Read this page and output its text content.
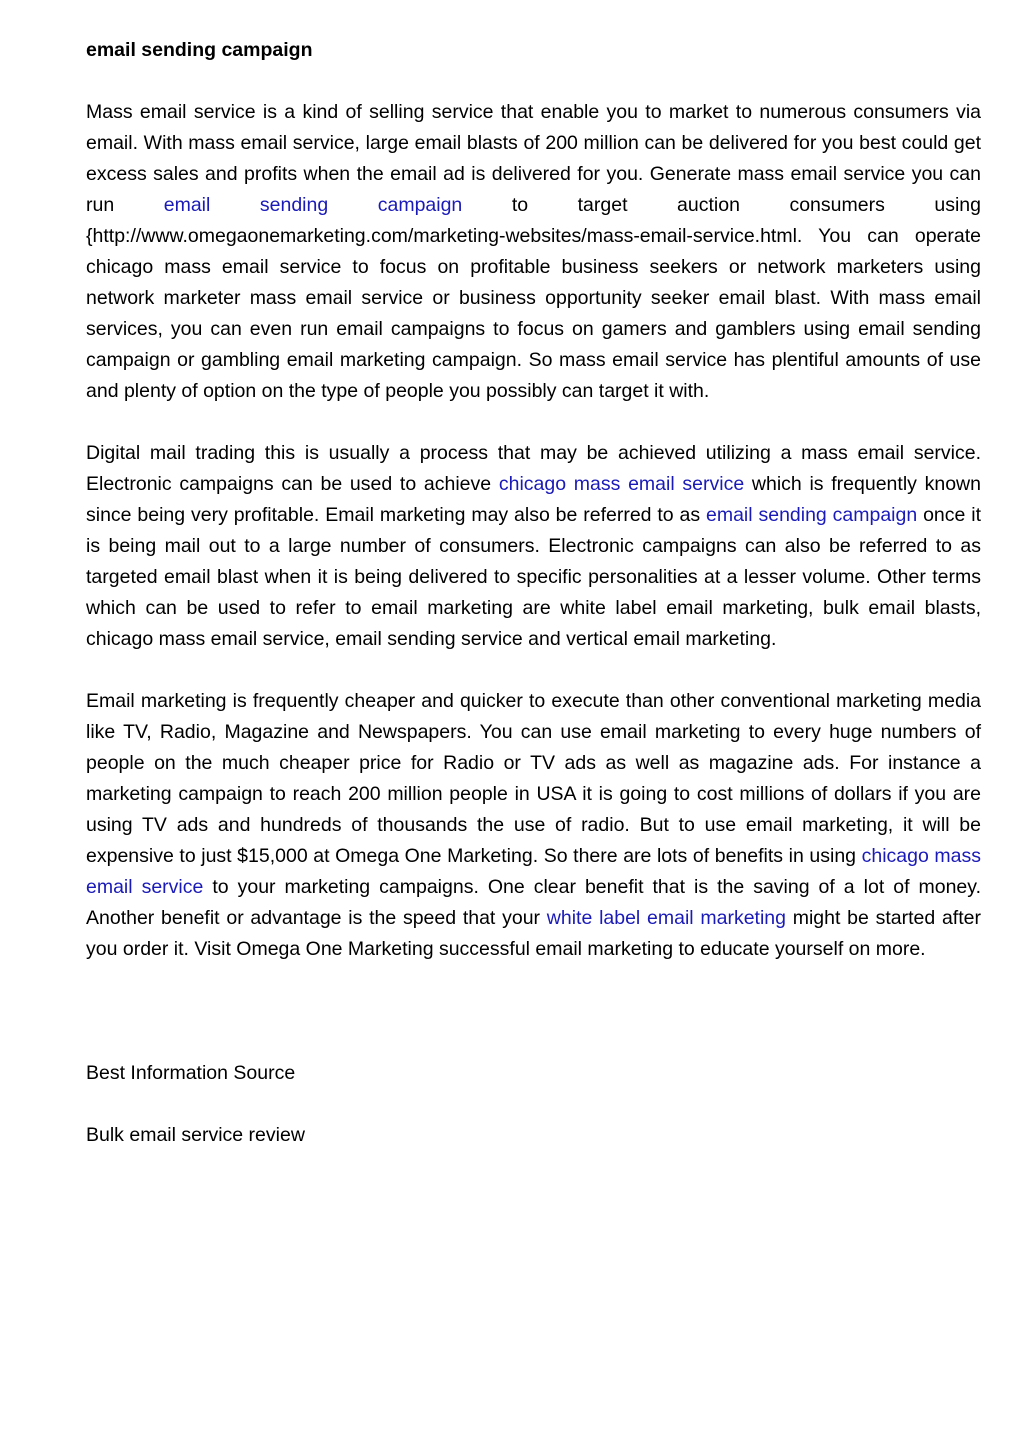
email sending campaign
Mass email service is a kind of selling service that enable you to market to numerous consumers via email. With mass email service, large email blasts of 200 million can be delivered for you best could get excess sales and profits when the email ad is delivered for you. Generate mass email service you can run email sending campaign to target auction consumers using {http://www.omegaonemarketing.com/marketing-websites/mass-email-service.html. You can operate chicago mass email service to focus on profitable business seekers or network marketers using network marketer mass email service or business opportunity seeker email blast. With mass email services, you can even run email campaigns to focus on gamers and gamblers using email sending campaign or gambling email marketing campaign. So mass email service has plentiful amounts of use and plenty of option on the type of people you possibly can target it with.
Digital mail trading this is usually a process that may be achieved utilizing a mass email service. Electronic campaigns can be used to achieve chicago mass email service which is frequently known since being very profitable. Email marketing may also be referred to as email sending campaign once it is being mail out to a large number of consumers. Electronic campaigns can also be referred to as targeted email blast when it is being delivered to specific personalities at a lesser volume. Other terms which can be used to refer to email marketing are white label email marketing, bulk email blasts, chicago mass email service, email sending service and vertical email marketing.
Email marketing is frequently cheaper and quicker to execute than other conventional marketing media like TV, Radio, Magazine and Newspapers. You can use email marketing to every huge numbers of people on the much cheaper price for Radio or TV ads as well as magazine ads. For instance a marketing campaign to reach 200 million people in USA it is going to cost millions of dollars if you are using TV ads and hundreds of thousands the use of radio. But to use email marketing, it will be expensive to just $15,000 at Omega One Marketing. So there are lots of benefits in using chicago mass email service to your marketing campaigns. One clear benefit that is the saving of a lot of money. Another benefit or advantage is the speed that your white label email marketing might be started after you order it. Visit Omega One Marketing successful email marketing to educate yourself on more.
Best Information Source
Bulk email service review
